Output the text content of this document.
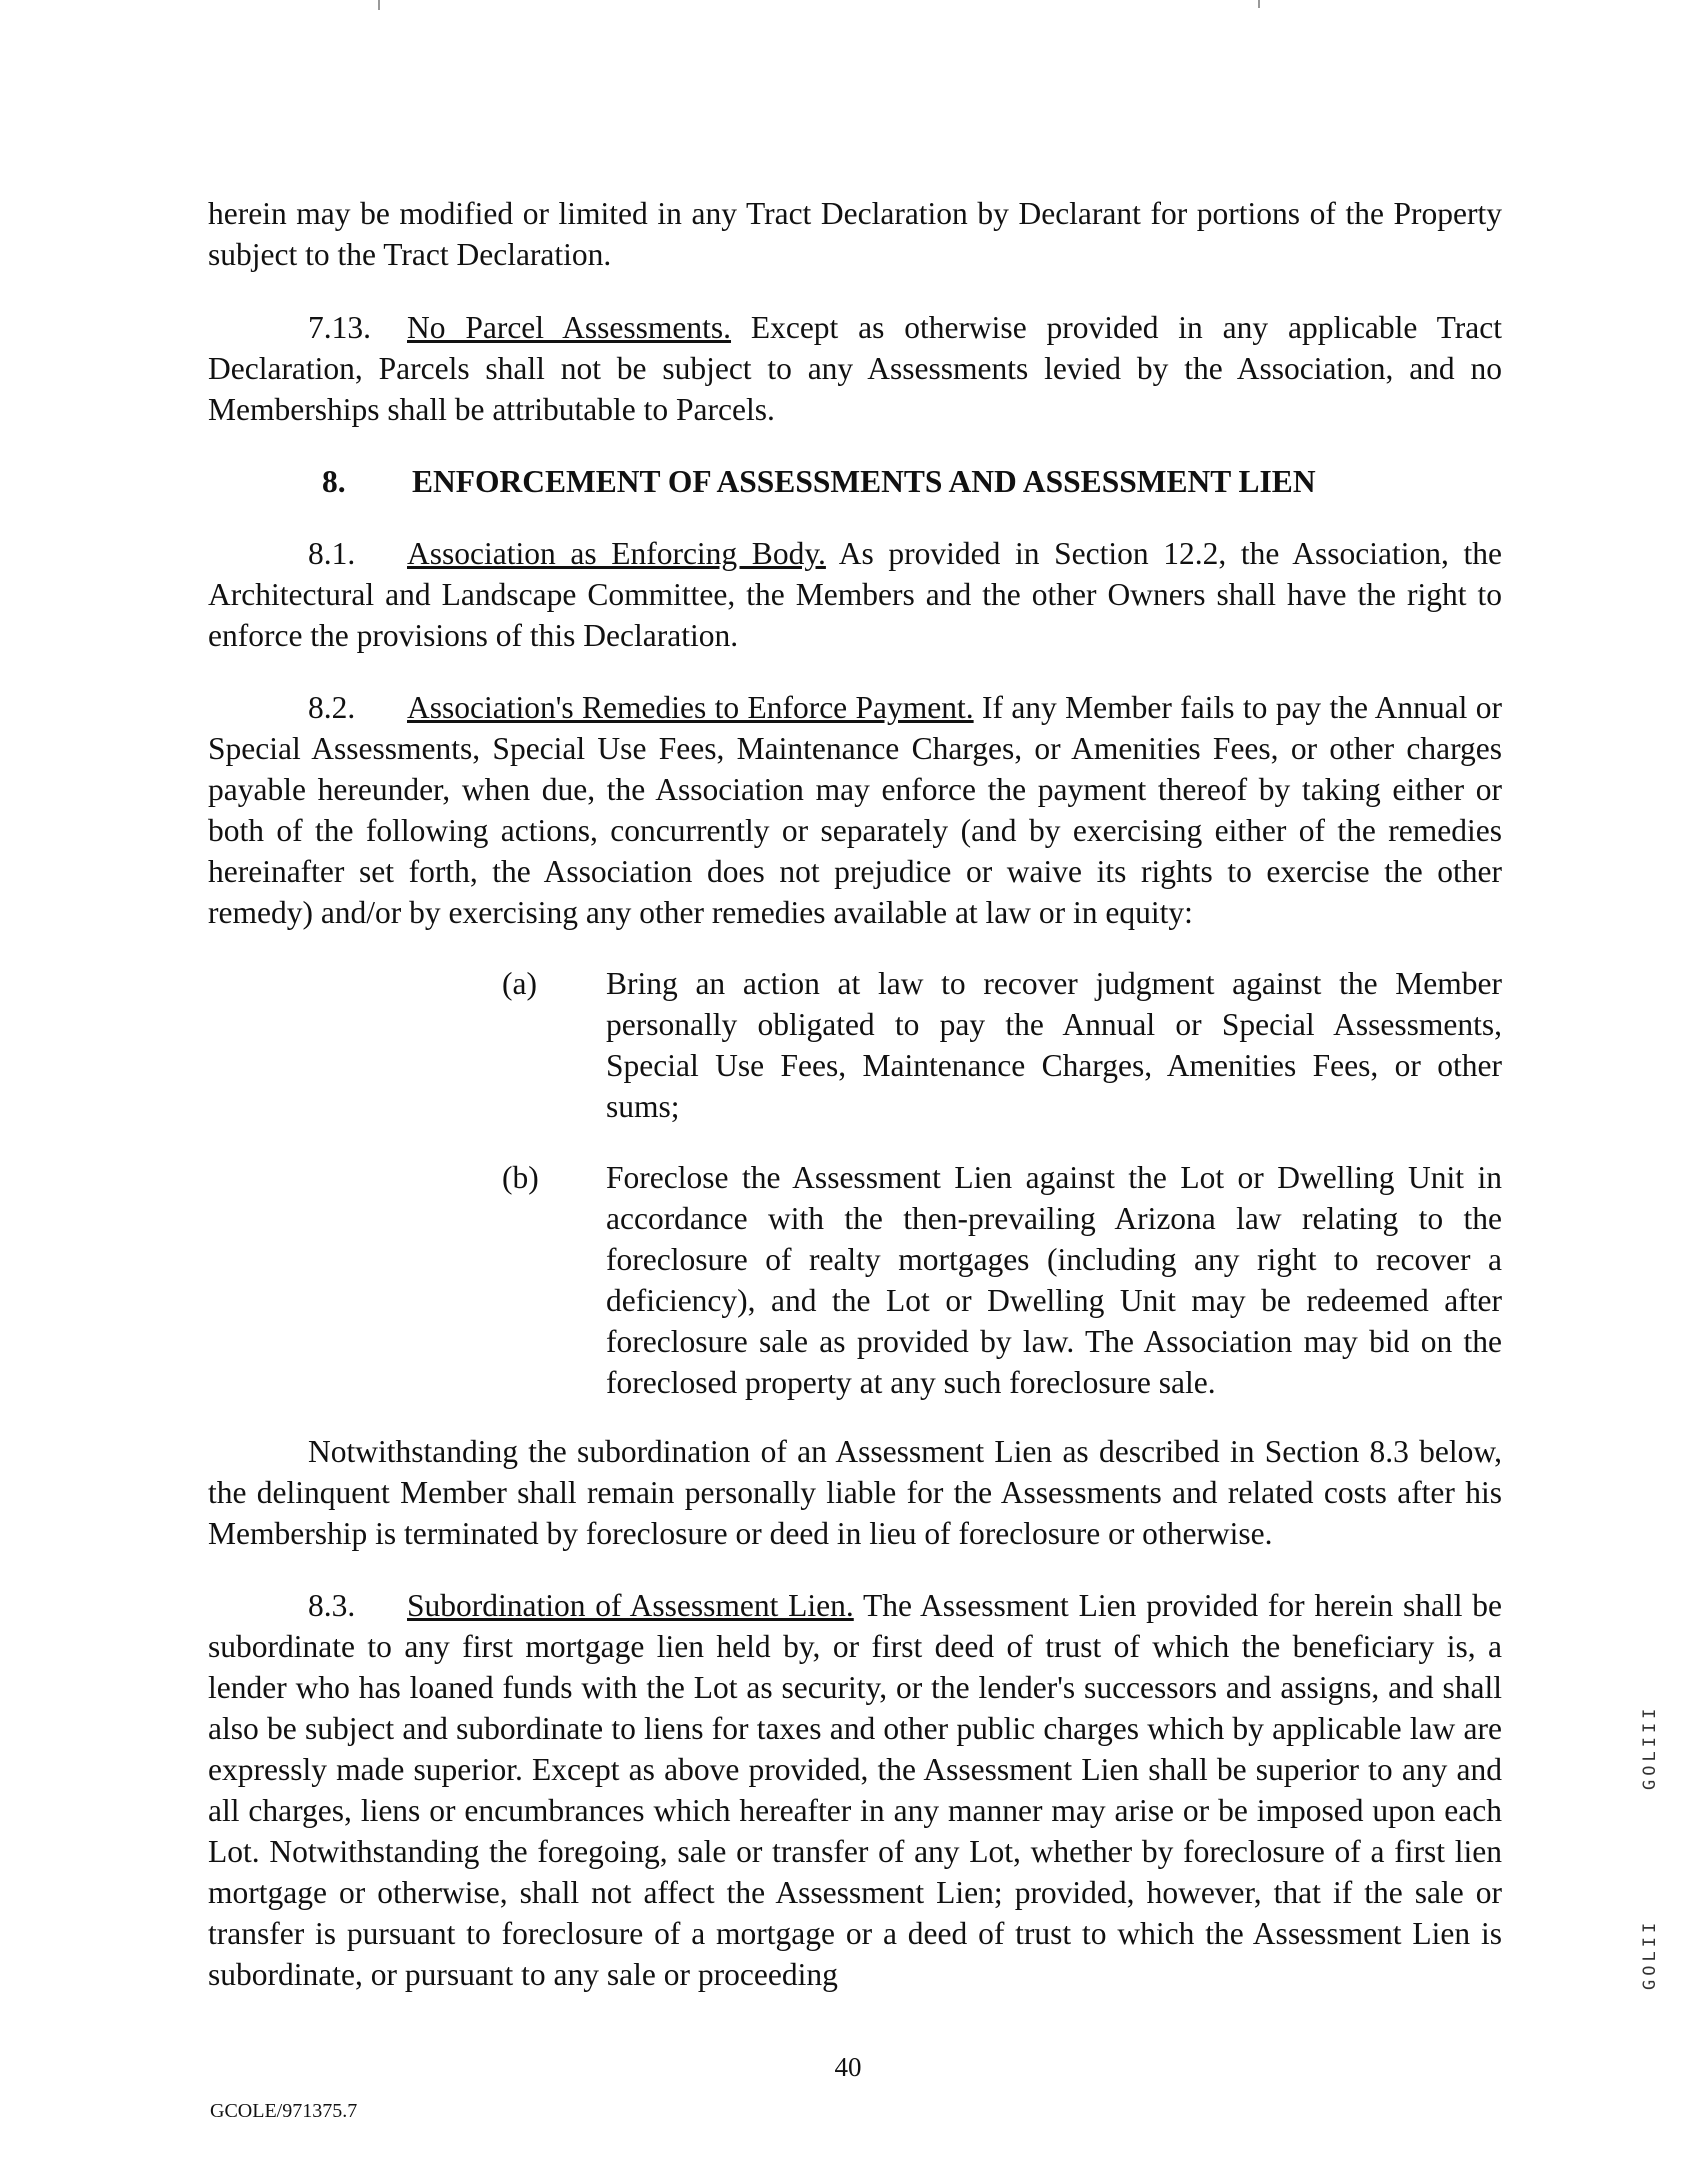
herein may be modified or limited in any Tract Declaration by Declarant for portions of the Property subject to the Tract Declaration.

7.13. No Parcel Assessments. Except as otherwise provided in any applicable Tract Declaration, Parcels shall not be subject to any Assessments levied by the Association, and no Memberships shall be attributable to Parcels.

8. ENFORCEMENT OF ASSESSMENTS AND ASSESSMENT LIEN

8.1. Association as Enforcing Body. As provided in Section 12.2, the Association, the Architectural and Landscape Committee, the Members and the other Owners shall have the right to enforce the provisions of this Declaration.

8.2. Association's Remedies to Enforce Payment. If any Member fails to pay the Annual or Special Assessments, Special Use Fees, Maintenance Charges, or Amenities Fees, or other charges payable hereunder, when due, the Association may enforce the payment thereof by taking either or both of the following actions, concurrently or separately (and by exercising either of the remedies hereinafter set forth, the Association does not prejudice or waive its rights to exercise the other remedy) and/or by exercising any other remedies available at law or in equity:

(a) Bring an action at law to recover judgment against the Member personally obligated to pay the Annual or Special Assessments, Special Use Fees, Maintenance Charges, Amenities Fees, or other sums;

(b) Foreclose the Assessment Lien against the Lot or Dwelling Unit in accordance with the then-prevailing Arizona law relating to the foreclosure of realty mortgages (including any right to recover a deficiency), and the Lot or Dwelling Unit may be redeemed after foreclosure sale as provided by law. The Association may bid on the foreclosed property at any such foreclosure sale.

Notwithstanding the subordination of an Assessment Lien as described in Section 8.3 below, the delinquent Member shall remain personally liable for the Assessments and related costs after his Membership is terminated by foreclosure or deed in lieu of foreclosure or otherwise.

8.3. Subordination of Assessment Lien. The Assessment Lien provided for herein shall be subordinate to any first mortgage lien held by, or first deed of trust of which the beneficiary is, a lender who has loaned funds with the Lot as security, or the lender's successors and assigns, and shall also be subject and subordinate to liens for taxes and other public charges which by applicable law are expressly made superior. Except as above provided, the Assessment Lien shall be superior to any and all charges, liens or encumbrances which hereafter in any manner may arise or be imposed upon each Lot. Notwithstanding the foregoing, sale or transfer of any Lot, whether by foreclosure of a first lien mortgage or otherwise, shall not affect the Assessment Lien; provided, however, that if the sale or transfer is pursuant to foreclosure of a mortgage or a deed of trust to which the Assessment Lien is subordinate, or pursuant to any sale or proceeding

GOLIII
GOLII
40
GCOLE/971375.7
